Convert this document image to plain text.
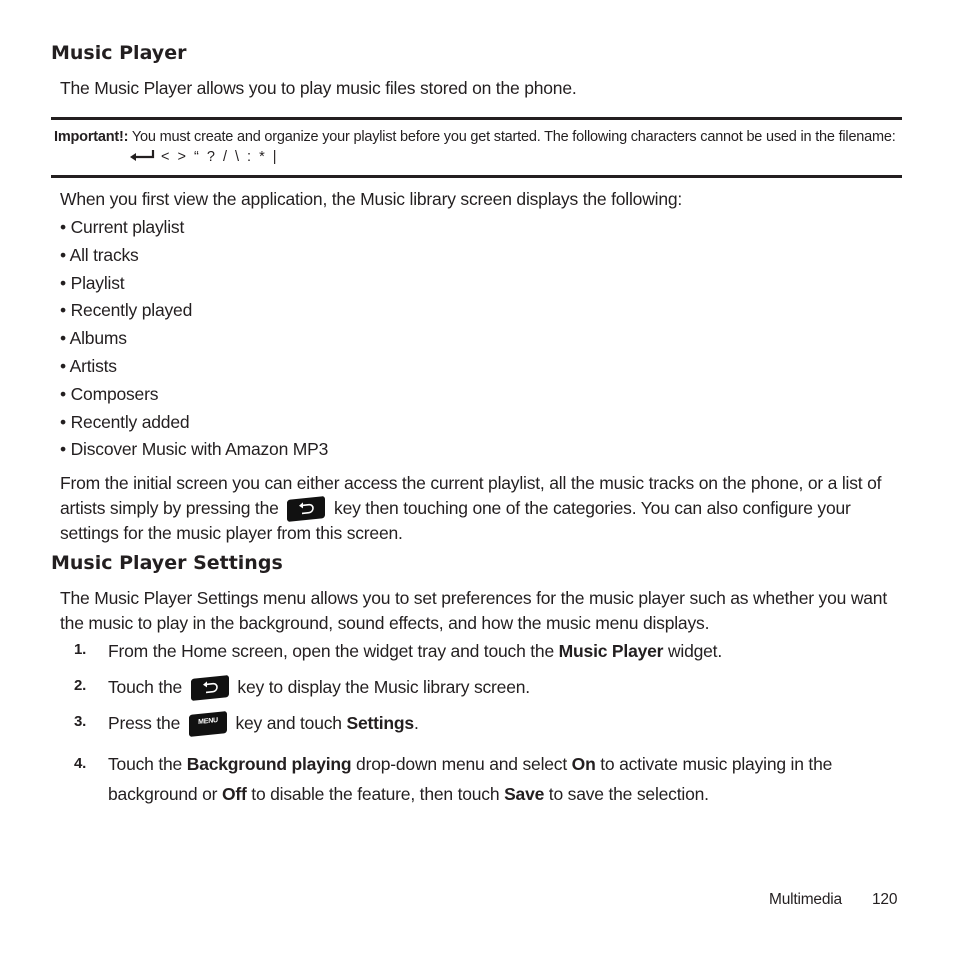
Music Player

The Music Player allows you to play music files stored on the phone.

Important!: You must create and organize your playlist before you get started. The following characters cannot be used in the filename:
< > “ ? / \ : * |

When you first view the application, the Music library screen displays the following:

• Current playlist
• All tracks
• Playlist
• Recently played
• Albums
• Artists
• Composers
• Recently added
• Discover Music with Amazon MP3

From the initial screen you can either access the current playlist, all the music tracks on the phone, or a list of artists simply by pressing the	key then touching one of the categories. You can also configure your settings for the music player from this screen.

Music Player Settings

The Music Player Settings menu allows you to set preferences for the music player such as whether you want the music to play in the background, sound effects, and how the music menu displays.

1. From the Home screen, open the widget tray and touch the Music Player widget.
2. Touch the	key to display the Music library screen.
3. Press the	MENU key and touch Settings.
4. Touch the Background playing drop-down menu and select On to activate music playing in the background or Off to disable the feature, then touch Save to save the selection.
Multimedia 120
